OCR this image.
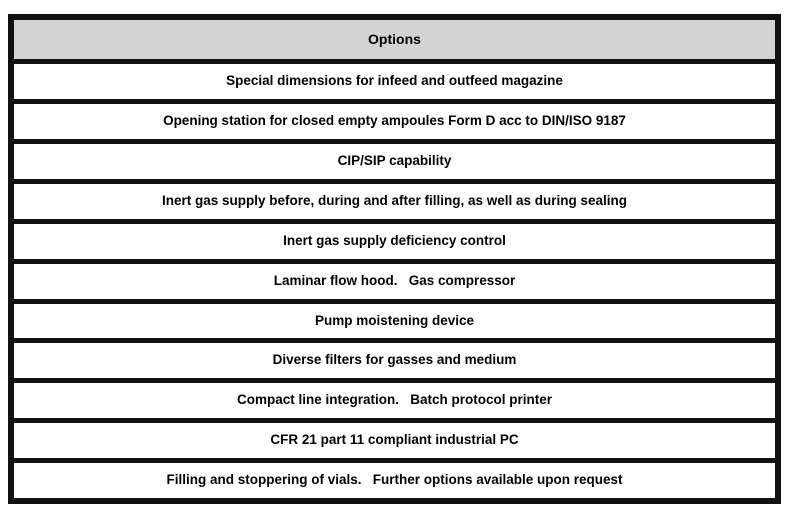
Options
Special dimensions for infeed and outfeed magazine
Opening station for closed empty ampoules Form D acc to DIN/ISO 9187
CIP/SIP capability
Inert gas supply before, during and after filling, as well as during sealing
Inert gas supply deficiency control
Laminar flow hood.   Gas compressor
Pump moistening device
Diverse filters for gasses and medium
Compact line integration.   Batch protocol printer
CFR 21 part 11 compliant industrial PC
Filling and stoppering of vials.   Further options available upon request
